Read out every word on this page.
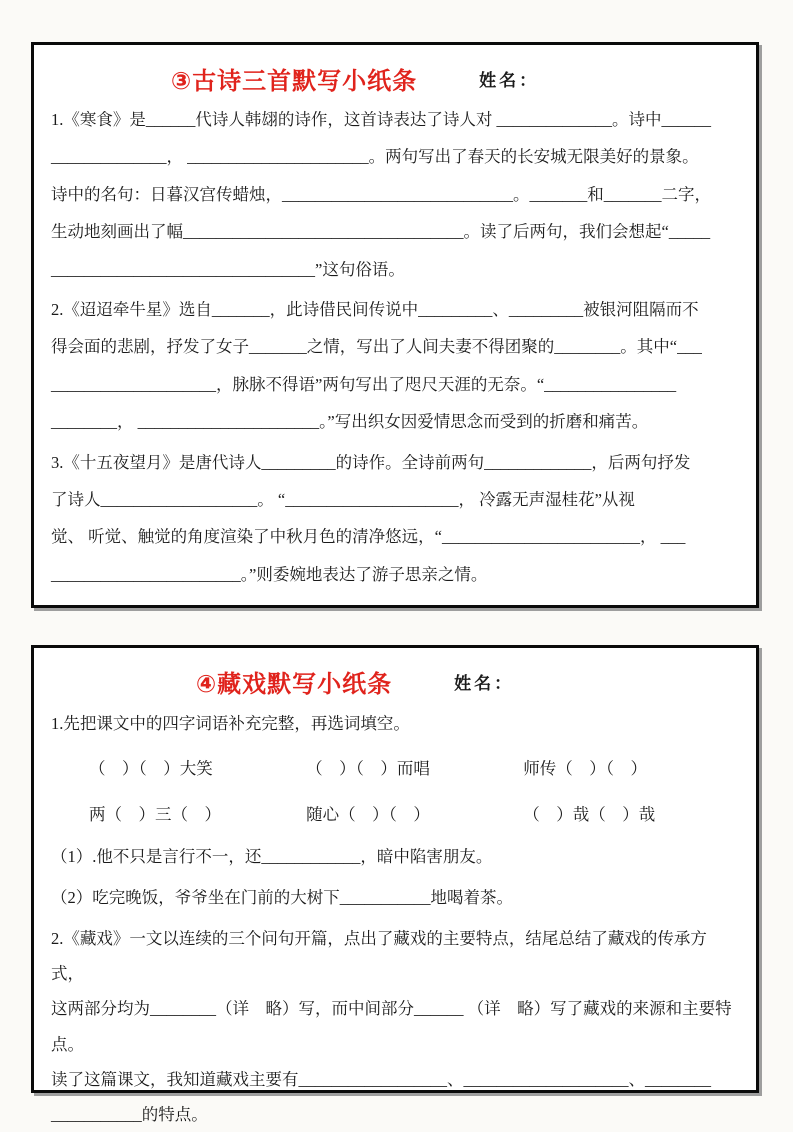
③古诗三首默写小纸条	姓名：

1.《寒食》是______代诗人韩翃的诗作，这首诗表达了诗人对 ______________。诗中______

______________， ______________________。两句写出了春天的长安城无限美好的景象。

诗中的名句：日暮汉宫传蜡烛，____________________________。_______和_______二字，

生动地刻画出了幅__________________________________。读了后两句，我们会想起“_____

________________________________”这句俗语。

2.《迢迢牵牛星》选自_______，此诗借民间传说中_________、_________被银河阻隔而不

得会面的悲剧，抒发了女子_______之情，写出了人间夫妻不得团聚的________。其中“___

____________________，脉脉不得语”两句写出了咫尺天涯的无奈。“________________

________， ______________________。”写出织女因爱情思念而受到的折磨和痛苦。

3.《十五夜望月》是唐代诗人_________的诗作。全诗前两句_____________，后两句抒发

了诗人___________________。 “_____________________， 冷露无声湿桂花”从视

觉、 听觉、触觉的角度渲染了中秋月色的清净悠远，“________________________， ___

_______________________。”则委婉地表达了游子思亲之情。

④藏戏默写小纸条	姓名：

1.先把课文中的四字词语补充完整，再选词填空。

（　）（　）大笑	（　）（　）而唱	师传（　）（　）
两（　）三（　）	随心（　）（　）	（　）哉（　）哉

（1）.他不只是言行不一，还____________，暗中陷害朋友。

（2）吃完晚饭，爷爷坐在门前的大树下___________地喝着茶。

2.《藏戏》一文以连续的三个问句开篇，点出了藏戏的主要特点，结尾总结了藏戏的传承方式，

这两部分均为________（详　略）写，而中间部分______ （详　略）写了藏戏的来源和主要特点。

读了这篇课文，我知道藏戏主要有__________________、____________________、________

___________的特点。
